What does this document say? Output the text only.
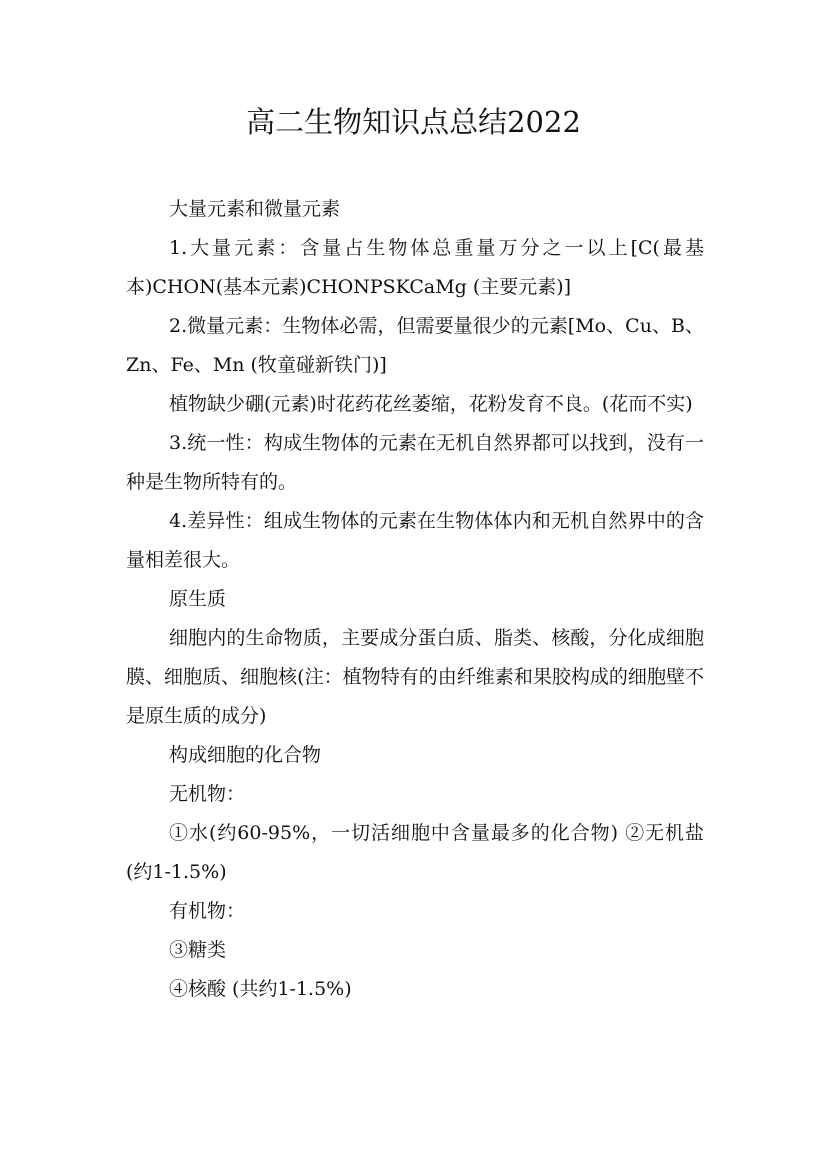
高二生物知识点总结2022

大量元素和微量元素

1.大量元素：含量占生物体总重量万分之一以上[C(最基本)CHON(基本元素)CHONPSKCaMg (主要元素)]

2.微量元素：生物体必需，但需要量很少的元素[Mo、Cu、B、Zn、Fe、Mn (牧童碰新铁门)]

植物缺少硼(元素)时花药花丝萎缩，花粉发育不良。(花而不实)

3.统一性：构成生物体的元素在无机自然界都可以找到，没有一种是生物所特有的。

4.差异性：组成生物体的元素在生物体体内和无机自然界中的含量相差很大。

原生质

细胞内的生命物质，主要成分蛋白质、脂类、核酸，分化成细胞膜、细胞质、细胞核(注：植物特有的由纤维素和果胶构成的细胞壁不是原生质的成分)

构成细胞的化合物

无机物：

①水(约60-95%，一切活细胞中含量最多的化合物) ②无机盐(约1-1.5%)

有机物：

③糖类

④核酸 (共约1-1.5%)
